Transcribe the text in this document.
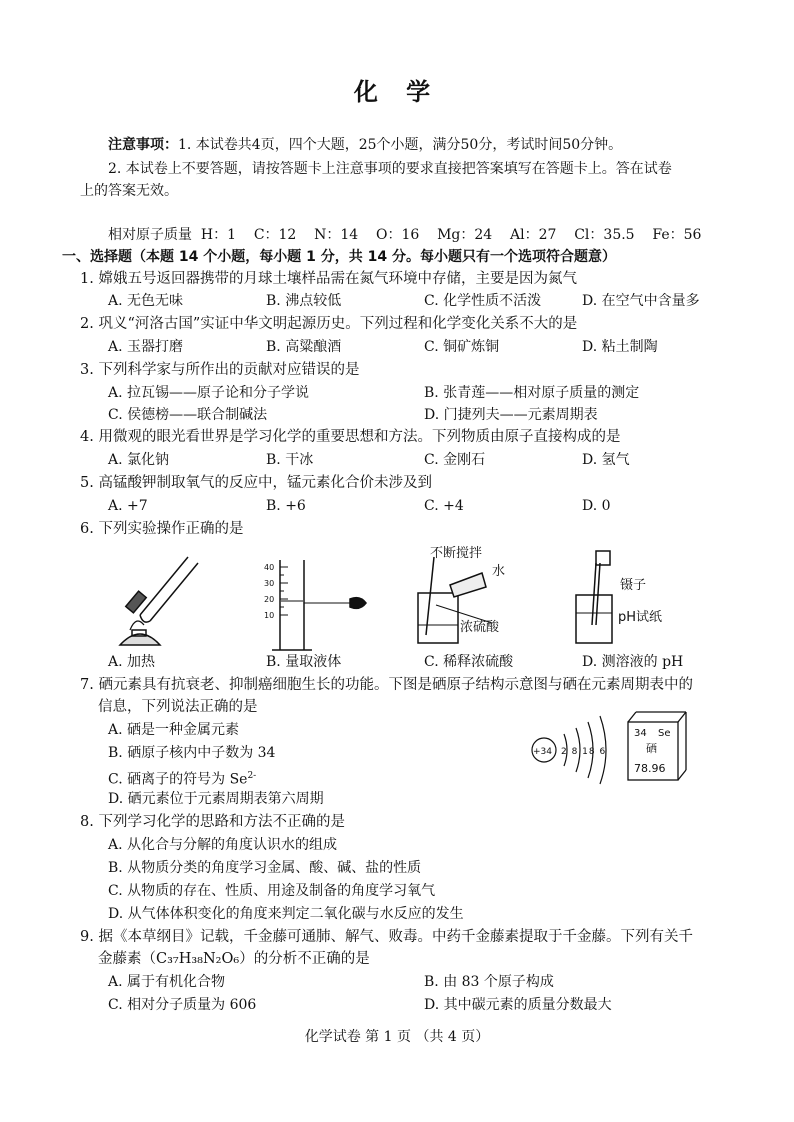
化 学
注意事项：1. 本试卷共4页，四个大题，25个小题，满分50分，考试时间50分钟。
2. 本试卷上不要答题，请按答题卡上注意事项的要求直接把答案填写在答题卡上。答在试卷
上的答案无效。
相对原子质量  H：1    C：12    N：14    O：16    Mg：24    Al：27    Cl：35.5    Fe：56
一、选择题（本题 14 个小题，每小题 1 分，共 14 分。每小题只有一个选项符合题意）
1. 嫦娥五号返回器携带的月球土壤样品需在氮气环境中存储，主要是因为氮气
A. 无色无味	B. 沸点较低	C. 化学性质不活泼	D. 在空气中含量多
2. 巩义“河洛古国”实证中华文明起源历史。下列过程和化学变化关系不大的是
A. 玉器打磨	B. 高粱酿酒	C. 铜矿炼铜	D. 粘土制陶
3. 下列科学家与所作出的贡献对应错误的是
A. 拉瓦锡——原子论和分子学说	B. 张青莲——相对原子质量的测定
C. 侯德榜——联合制碱法	D. 门捷列夫——元素周期表
4. 用微观的眼光看世界是学习化学的重要思想和方法。下列物质由原子直接构成的是
A. 氯化钠	B. 干冰	C. 金刚石	D. 氢气
5. 高锰酸钾制取氧气的反应中，锰元素化合价未涉及到
A. +7	B. +6	C. +4	D. 0
6. 下列实验操作正确的是
40
30
20
10
不断搅拌
水
浓硫酸
镊子
pH试纸
A. 加热	B. 量取液体	C. 稀释浓硫酸	D. 测溶液的 pH
7. 硒元素具有抗衰老、抑制癌细胞生长的功能。下图是硒原子结构示意图与硒在元素周期表中的
信息，下列说法正确的是
A. 硒是一种金属元素
B. 硒原子核内中子数为 34
C. 硒离子的符号为 $Se^{2-}$
D. 硒元素位于元素周期表第六周期
+34 2 8 18 6
34 Se
硒
78.96
8. 下列学习化学的思路和方法不正确的是
A. 从化合与分解的角度认识水的组成
B. 从物质分类的角度学习金属、酸、碱、盐的性质
C. 从物质的存在、性质、用途及制备的角度学习氧气
D. 从气体体积变化的角度来判定二氧化碳与水反应的发生
9. 据《本草纲目》记载，千金藤可通肺、解气、败毒。中药千金藤素提取于千金藤。下列有关千
金藤素（C₃₇H₃₈N₂O₆）的分析不正确的是
A. 属于有机化合物	B. 由 83 个原子构成
C. 相对分子质量为 606	D. 其中碳元素的质量分数最大
化学试卷 第 1 页 （共 4 页）
